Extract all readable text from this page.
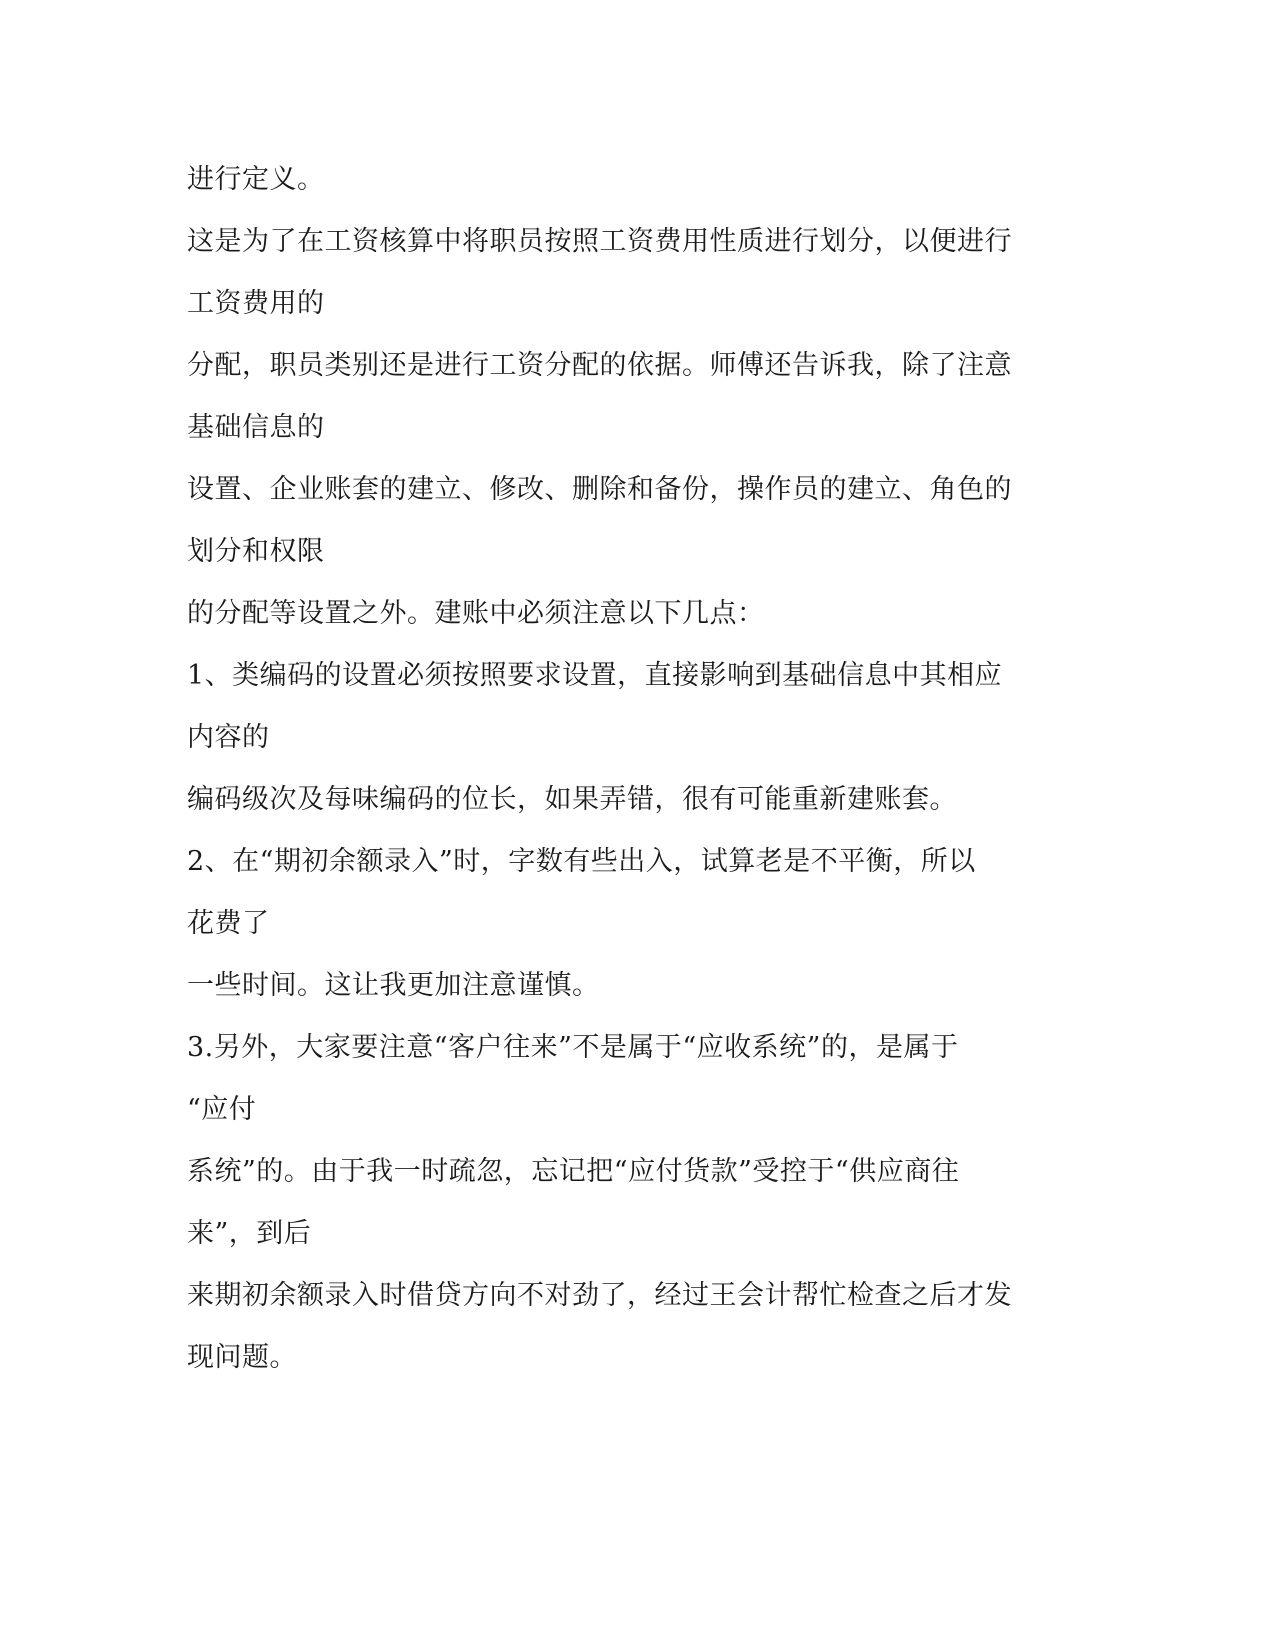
进行定义。
这是为了在工资核算中将职员按照工资费用性质进行划分，以便进行
工资费用的
分配，职员类别还是进行工资分配的依据。师傅还告诉我，除了注意
基础信息的
设置、企业账套的建立、修改、删除和备份，操作员的建立、角色的
划分和权限
的分配等设置之外。建账中必须注意以下几点：
1、类编码的设置必须按照要求设置，直接影响到基础信息中其相应
内容的
编码级次及每味编码的位长，如果弄错，很有可能重新建账套。
2、在“期初余额录入”时，字数有些出入，试算老是不平衡，所以
花费了
一些时间。这让我更加注意谨慎。
3.另外，大家要注意“客户往来”不是属于“应收系统”的，是属于
“应付
系统”的。由于我一时疏忽，忘记把“应付货款”受控于“供应商往
来”，到后
来期初余额录入时借贷方向不对劲了，经过王会计帮忙检查之后才发
现问题。
